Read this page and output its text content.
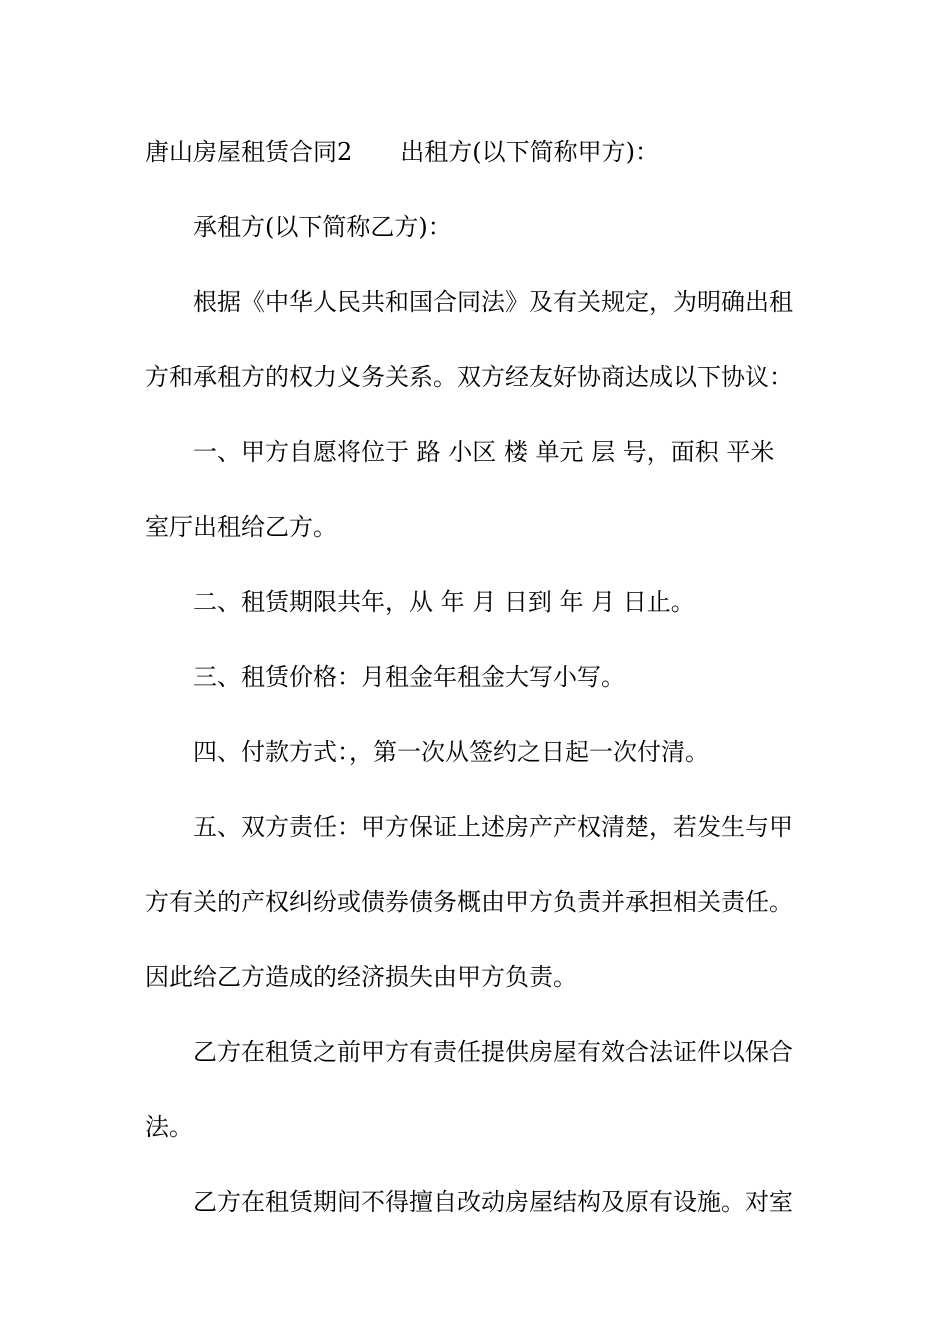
唐山房屋租赁合同2 出租方(以下简称甲方)：
承租方(以下简称乙方)：
根据《中华人民共和国合同法》及有关规定，为明确出租
方和承租方的权力义务关系。双方经友好协商达成以下协议：
一、甲方自愿将位于 路 小区 楼 单元 层 号，面积 平米
室厅出租给乙方。
二、租赁期限共年，从 年 月 日到 年 月 日止。
三、租赁价格：月租金年租金大写小写。
四、付款方式：，第一次从签约之日起一次付清。
五、双方责任：甲方保证上述房产产权清楚，若发生与甲
方有关的产权纠纷或债券债务概由甲方负责并承担相关责任。
因此给乙方造成的经济损失由甲方负责。
乙方在租赁之前甲方有责任提供房屋有效合法证件以保合
法。
乙方在租赁期间不得擅自改动房屋结构及原有设施。对室
